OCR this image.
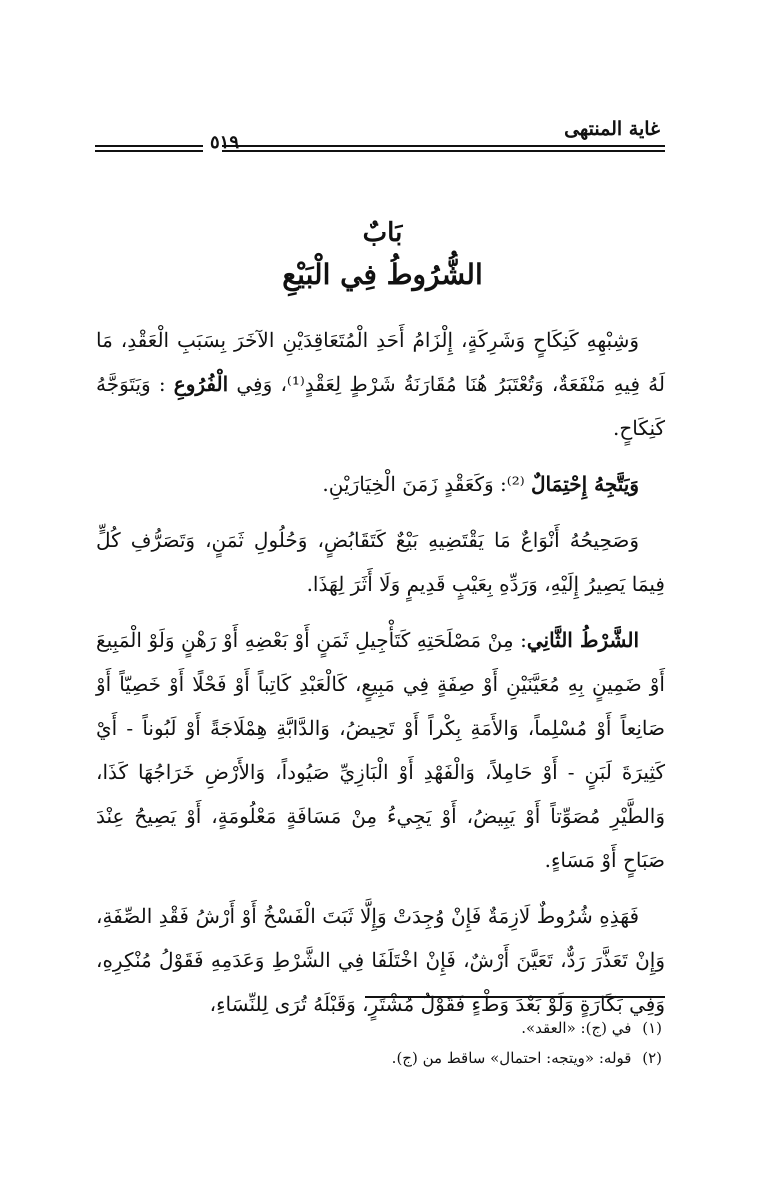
غاية المنتهى
٥١٩
بَابٌ
الشُّرُوطُ فِي الْبَيْعِ

وَشِبْهِهِ كَنِكَاحٍ وَشَرِكَةٍ، إِلْزَامُ أَحَدِ الْمُتَعَاقِدَيْنِ الآخَرَ بِسَبَبِ الْعَقْدِ، مَا لَهُ فِيهِ مَنْفَعَةٌ، وَتُعْتَبَرُ هُنَا مُقَارَنَةُ شَرْطٍ لِعَقْدٍ⁽¹⁾، وَفِي الْفُرُوعِ : وَيَتَوَجَّهُ كَنِكَاحٍ.

وَيَتَّجِهُ إِحْتِمَالٌ ⁽²⁾: وَكَعَقْدٍ زَمَنَ الْخِيَارَيْنِ.

وَصَحِيحُهُ أَنْوَاعٌ مَا يَقْتَضِيهِ بَيْعٌ كَتَقَابُضٍ، وَحُلُولِ ثَمَنٍ، وَتَصَرُّفِ كُلٍّ فِيمَا يَصِيرُ إِلَيْهِ، وَرَدِّهِ بِعَيْبٍ قَدِيمٍ وَلَا أَثَرَ لِهَذَا.

الشَّرْطُ الثَّانِي: مِنْ مَصْلَحَتِهِ كَتَأْجِيلِ ثَمَنٍ أَوْ بَعْضِهِ أَوْ رَهْنٍ وَلَوْ الْمَبِيعَ أَوْ ضَمِينٍ بِهِ مُعَيَّنَيْنِ أَوْ صِفَةٍ فِي مَبِيعٍ، كَالْعَبْدِ كَاتِباً أَوْ فَحْلًا أَوْ خَصِيّاً أَوْ صَانِعاً أَوْ مُسْلِماً، وَالأَمَةِ بِكْراً أَوْ تَحِيضُ، وَالدَّابَّةِ هِمْلَاجَةً أَوْ لَبُوناً - أَيْ كَثِيرَةَ لَبَنٍ - أَوْ حَامِلاً، وَالْفَهْدِ أَوْ الْبَازِيِّ صَيُوداً، وَالأَرْضِ خَرَاجُهَا كَذَا، وَالطَّيْرِ مُصَوِّتاً أَوْ يَبِيضُ، أَوْ يَجِيءُ مِنْ مَسَافَةٍ مَعْلُومَةٍ، أَوْ يَصِيحُ عِنْدَ صَبَاحٍ أَوْ مَسَاءٍ.

فَهَذِهِ شُرُوطٌ لَازِمَةٌ فَإِنْ وُجِدَتْ وَإِلَّا ثَبَتَ الْفَسْخُ أَوْ أَرْشُ فَقْدِ الصِّفَةِ، وَإِنْ تَعَذَّرَ رَدٌّ، تَعَيَّنَ أَرْشٌ، فَإِنْ اخْتَلَفَا فِي الشَّرْطِ وَعَدَمِهِ فَقَوْلُ مُنْكِرِهِ، وَفِي بَكَارَةٍ وَلَوْ بَعْدَ وَطْءٍ فَقَوْلُ مُشْتَرٍ، وَقَبْلَهُ تُرَى لِلنِّسَاءِ،

(١) في (ج): «العقد».
(٢) قوله: «ويتجه: احتمال» ساقط من (ج).
